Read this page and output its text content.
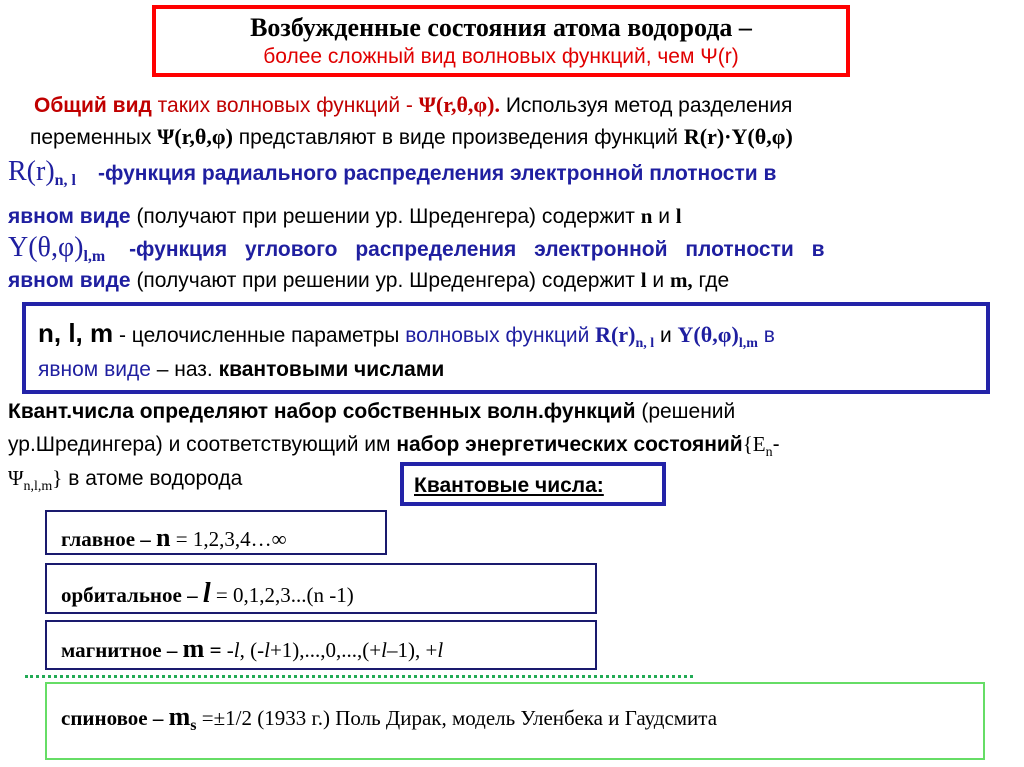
Возбужденные состояния атома водорода –
более сложный вид волновых функций, чем Ψ(r)
Общий вид таких волновых функций - Ψ(r,θ,φ). Используя метод разделения
переменных Ψ(r,θ,φ) представляют в виде произведения функций R(r)·Y(θ,φ)
$R(r)_{n, l}$ -функция радиального распределения электронной плотности в
явном виде (получают при решении ур. Шреденгера) содержит n и l
$Y(\theta,\varphi)_{l,m}$ -функция углового распределения электронной плотности в
явном виде (получают при решении ур. Шреденгера) содержит l и m, где
n, l, m - целочисленные параметры волновых функций $R(r)_{n, l}$ и $Y(\theta,\varphi)_{l,m}$ в
явном виде – наз. квантовыми числами
Квант.числа определяют набор собственных волн.функций (решений
ур.Шредингера) и соответствующий им набор энергетических $состояний\{E_n-$
$\Psi_{n,l,m}$} в атоме водорода	Квантовые числа:
главное – n = 1,2,3,4…∞
орбитальное – l = 0,1,2,3...(n -1)
магнитное – m = -l, (-l+1),...,0,...,(+l–1), +l
спиновое – $m_s =\pm 1/2$ (1933 г.) Поль Дирак, модель Уленбека и Гаудсмита
